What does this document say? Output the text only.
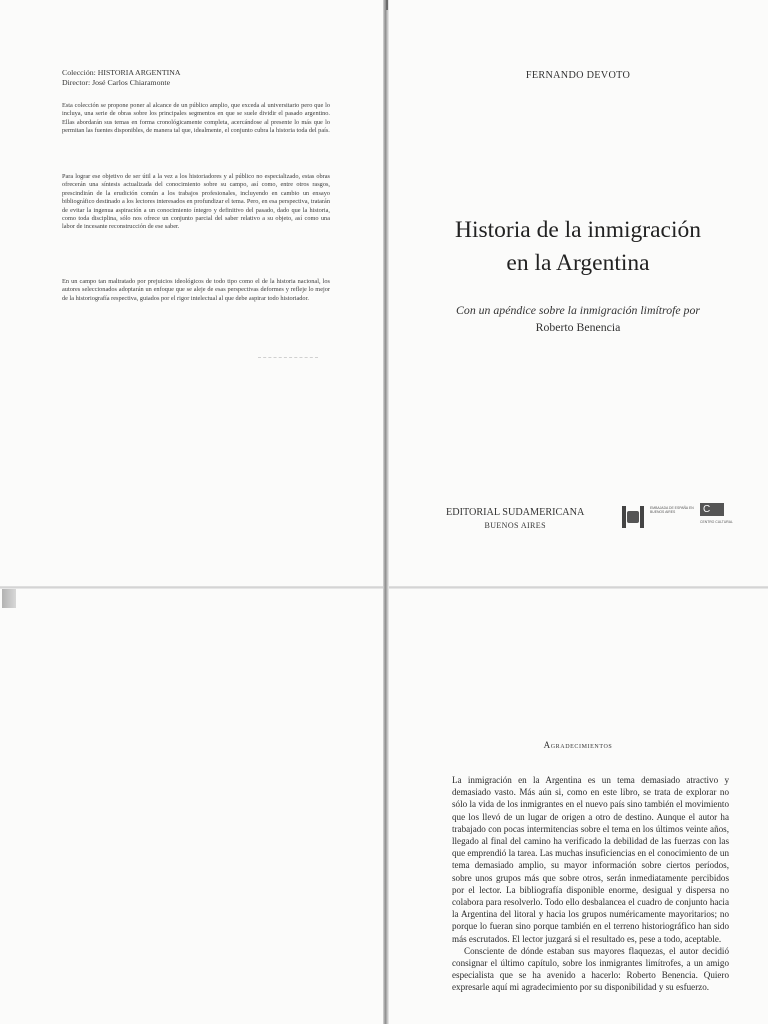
Colección: HISTORIA ARGENTINA
Director: José Carlos Chiaramonte

Esta colección se propone poner al alcance de un público amplio, que exceda al universitario pero que lo incluya, una serie de obras sobre los principales segmentos en que se suele dividir el pasado argentino. Ellas abordarán sus temas en forma cronológicamente completa, acercándose al presente lo más que lo permitan las fuentes disponibles, de manera tal que, idealmente, el conjunto cubra la historia toda del país.

Para lograr ese objetivo de ser útil a la vez a los historiadores y al público no especializado, estas obras ofrecerán una síntesis actualizada del conocimiento sobre su campo, así como, entre otros rasgos, prescindirán de la erudición común a los trabajos profesionales, incluyendo en cambio un ensayo bibliográfico destinado a los lectores interesados en profundizar el tema. Pero, en esa perspectiva, tratarán de evitar la ingenua aspiración a un conocimiento íntegro y definitivo del pasado, dado que la historia, como toda disciplina, sólo nos ofrece un conjunto parcial del saber relativo a su objeto, así como una labor de incesante reconstrucción de ese saber.

En un campo tan maltratado por prejuicios ideológicos de todo tipo como el de la historia nacional, los autores seleccionados adoptarán un enfoque que se aleje de esas perspectivas deformes y refleje lo mejor de la historiografía respectiva, guiados por el rigor intelectual al que debe aspirar todo historiador.

FERNANDO DEVOTO
Historia de la inmigración
en la Argentina
Con un apéndice sobre la inmigración limítrofe por
Roberto Benencia
EDITORIAL SUDAMERICANA
BUENOS AIRES
EMBAJADA DE ESPAÑA EN BUENOS AIRES	C
CENTRO CULTURAL
Agradecimientos

La inmigración en la Argentina es un tema demasiado atractivo y demasiado vasto. Más aún si, como en este libro, se trata de explorar no sólo la vida de los inmigrantes en el nuevo país sino también el movimiento que los llevó de un lugar de origen a otro de destino. Aunque el autor ha trabajado con pocas intermitencias sobre el tema en los últimos veinte años, llegado al final del camino ha verificado la debilidad de las fuerzas con las que emprendió la tarea. Las muchas insuficiencias en el conocimiento de un tema demasiado amplio, su mayor información sobre ciertos períodos, sobre unos grupos más que sobre otros, serán inmediatamente percibidos por el lector. La bibliografía disponible enorme, desigual y dispersa no colabora para resolverlo. Todo ello desbalancea el cuadro de conjunto hacia la Argentina del litoral y hacia los grupos numéricamente mayoritarios; no porque lo fueran sino porque también en el terreno historiográfico han sido más escrutados. El lector juzgará si el resultado es, pese a todo, aceptable.

Consciente de dónde estaban sus mayores flaquezas, el autor decidió consignar el último capítulo, sobre los inmigrantes limítrofes, a un amigo especialista que se ha avenido a hacerlo: Roberto Benencia. Quiero expresarle aquí mi agradecimiento por su disponibilidad y su esfuerzo.
